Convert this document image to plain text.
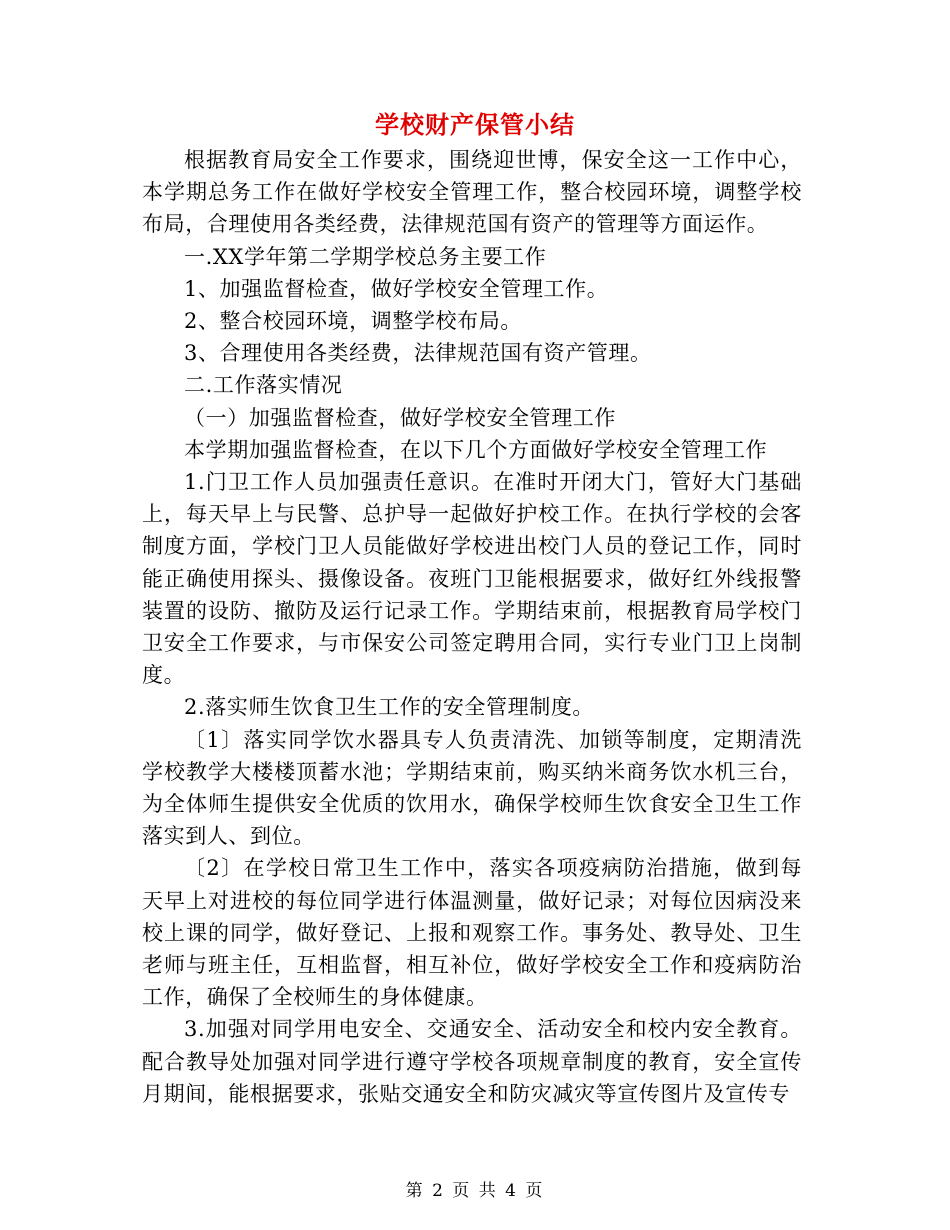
学校财产保管小结

根据教育局安全工作要求，围绕迎世博，保安全这一工作中心，本学期总务工作在做好学校安全管理工作，整合校园环境，调整学校布局，合理使用各类经费，法律规范国有资产的管理等方面运作。

一.XX学年第二学期学校总务主要工作

1、加强监督检查，做好学校安全管理工作。

2、整合校园环境，调整学校布局。

3、合理使用各类经费，法律规范国有资产管理。

二.工作落实情况

（一）加强监督检查，做好学校安全管理工作

本学期加强监督检查，在以下几个方面做好学校安全管理工作

1.门卫工作人员加强责任意识。在准时开闭大门，管好大门基础上，每天早上与民警、总护导一起做好护校工作。在执行学校的会客制度方面，学校门卫人员能做好学校进出校门人员的登记工作，同时能正确使用探头、摄像设备。夜班门卫能根据要求，做好红外线报警装置的设防、撤防及运行记录工作。学期结束前，根据教育局学校门卫安全工作要求，与市保安公司签定聘用合同，实行专业门卫上岗制度。

2.落实师生饮食卫生工作的安全管理制度。

〔1〕落实同学饮水器具专人负责清洗、加锁等制度，定期清洗学校教学大楼楼顶蓄水池；学期结束前，购买纳米商务饮水机三台，为全体师生提供安全优质的饮用水，确保学校师生饮食安全卫生工作落实到人、到位。

〔2〕在学校日常卫生工作中，落实各项疫病防治措施，做到每天早上对进校的每位同学进行体温测量，做好记录；对每位因病没来校上课的同学，做好登记、上报和观察工作。事务处、教导处、卫生老师与班主任，互相监督，相互补位，做好学校安全工作和疫病防治工作，确保了全校师生的身体健康。

3.加强对同学用电安全、交通安全、活动安全和校内安全教育。配合教导处加强对同学进行遵守学校各项规章制度的教育，安全宣传月期间，能根据要求，张贴交通安全和防灾减灾等宣传图片及宣传专

第 2 页 共 4 页
